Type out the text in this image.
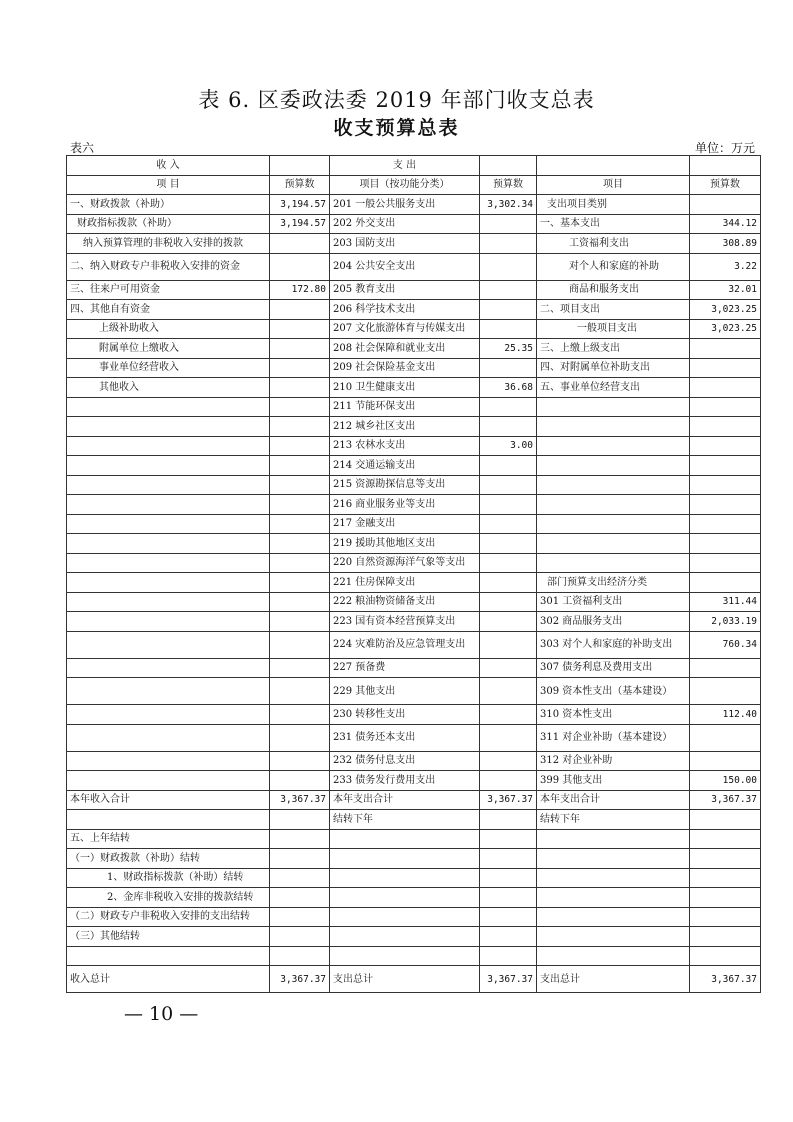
表 6. 区委政法委 2019 年部门收支总表
收支预算总表
表六	单位：万元
收 入		支 出			
项 目	预算数	项目（按功能分类）	预算数	项目	预算数
一、财政拨款（补助）	3,194.57	201 一般公共服务支出	3,302.34	支出项目类别	
财政指标拨款（补助）	3,194.57	202 外交支出		一、基本支出	344.12
纳入预算管理的非税收入安排的拨款		203 国防支出		工资福利支出	308.89
二、纳入财政专户非税收入安排的资金		204 公共安全支出		对个人和家庭的补助	3.22
三、往来户可用资金	172.80	205 教育支出		商品和服务支出	32.01
四、其他自有资金		206 科学技术支出		二、项目支出	3,023.25
上级补助收入		207 文化旅游体育与传媒支出		一般项目支出	3,023.25
附属单位上缴收入		208 社会保障和就业支出	25.35	三、上缴上级支出	
事业单位经营收入		209 社会保险基金支出		四、对附属单位补助支出	
其他收入		210 卫生健康支出	36.68	五、事业单位经营支出	
		211 节能环保支出			
		212 城乡社区支出			
		213 农林水支出	3.00		
		214 交通运输支出			
		215 资源勘探信息等支出			
		216 商业服务业等支出			
		217 金融支出			
		219 援助其他地区支出			
		220 自然资源海洋气象等支出			
		221 住房保障支出		部门预算支出经济分类	
		222 粮油物资储备支出		301 工资福利支出	311.44
		223 国有资本经营预算支出		302 商品服务支出	2,033.19
		224 灾难防治及应急管理支出		303 对个人和家庭的补助支出	760.34
		227 预备费		307 债务利息及费用支出	
		229 其他支出		309 资本性支出（基本建设）	
		230 转移性支出		310 资本性支出	112.40
		231 债务还本支出		311 对企业补助（基本建设）	
		232 债务付息支出		312 对企业补助	
		233 债务发行费用支出		399 其他支出	150.00
本年收入合计	3,367.37	本年支出合计	3,367.37	本年支出合计	3,367.37
		结转下年		结转下年	
五、上年结转					
（一）财政拨款（补助）结转					
1、财政指标拨款（补助）结转					
2、金库非税收入安排的拨款结转					
（二）财政专户非税收入安排的支出结转					
（三）其他结转					

收入总计	3,367.37	支出总计	3,367.37	支出总计	3,367.37
— 10 —
